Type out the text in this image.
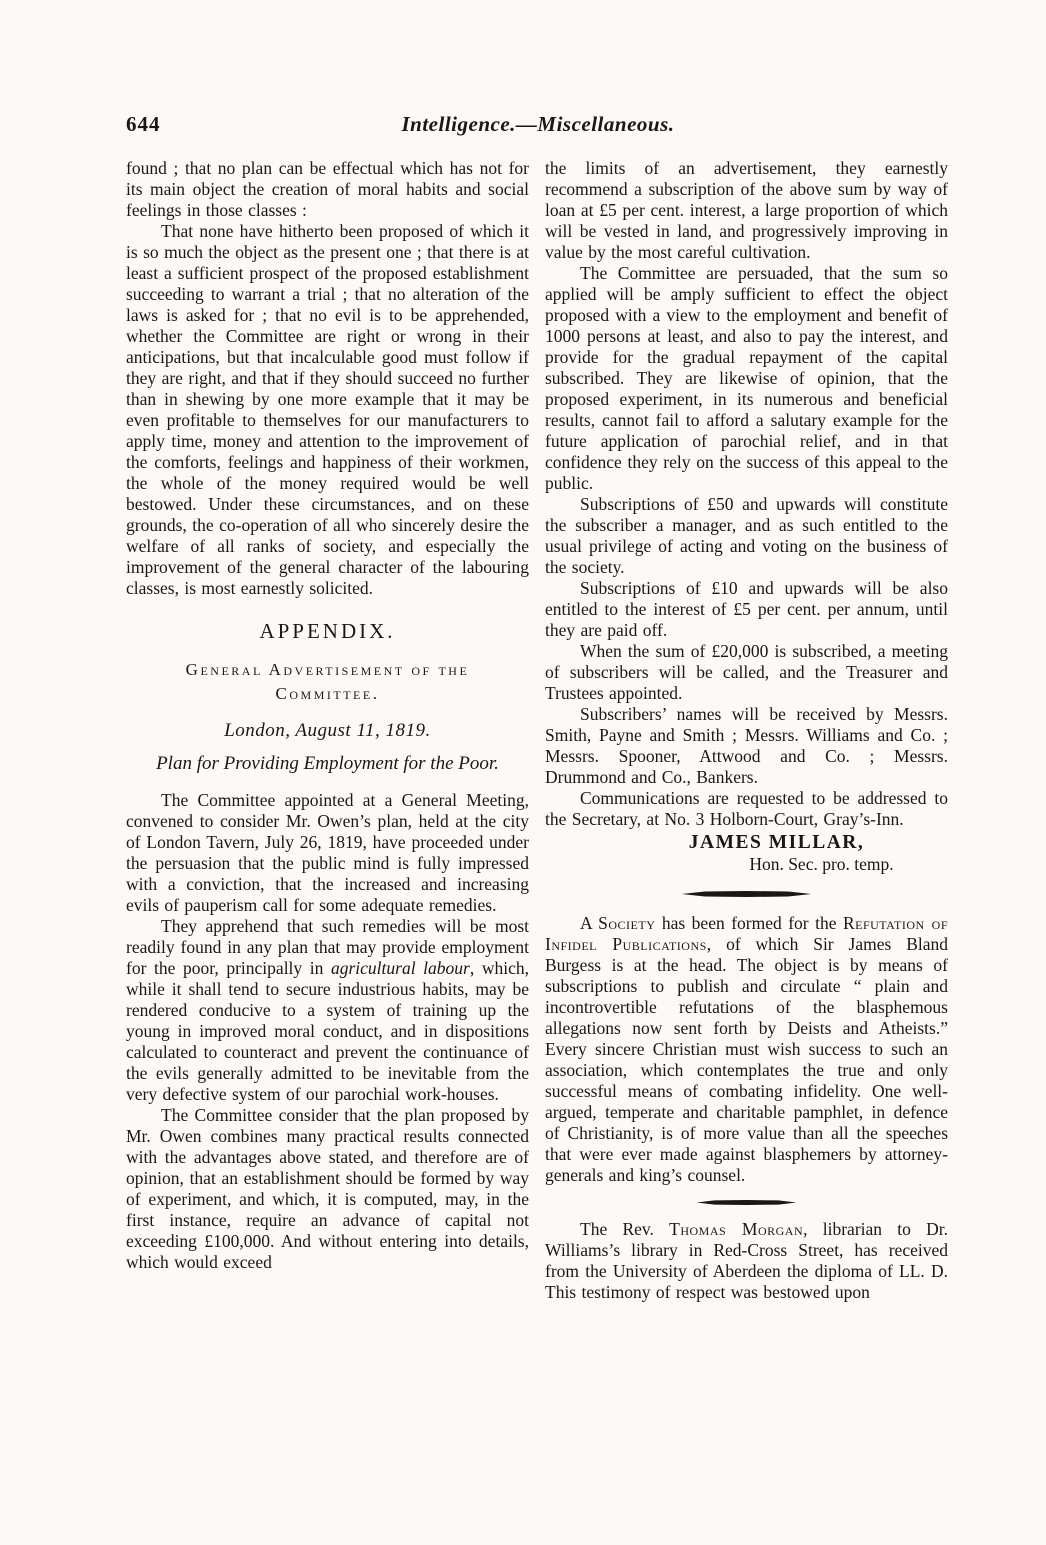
644	Intelligence.—Miscellaneous.

found ; that no plan can be effectual which has not for its main object the creation of moral habits and social feelings in those classes :

That none have hitherto been proposed of which it is so much the object as the present one ; that there is at least a sufficient prospect of the proposed establishment succeeding to warrant a trial ; that no alteration of the laws is asked for ; that no evil is to be apprehended, whether the Committee are right or wrong in their anticipations, but that incalculable good must follow if they are right, and that if they should succeed no further than in shewing by one more example that it may be even profitable to themselves for our manufacturers to apply time, money and attention to the improvement of the comforts, feelings and happiness of their workmen, the whole of the money required would be well bestowed. Under these circumstances, and on these grounds, the co-operation of all who sincerely desire the welfare of all ranks of society, and especially the improvement of the general character of the labouring classes, is most earnestly solicited.

APPENDIX.
General Advertisement of the Committee.
London, August 11, 1819.
Plan for Providing Employment for the Poor.

The Committee appointed at a General Meeting, convened to consider Mr. Owen’s plan, held at the city of London Tavern, July 26, 1819, have proceeded under the persuasion that the public mind is fully impressed with a conviction, that the increased and increasing evils of pauperism call for some adequate remedies.

They apprehend that such remedies will be most readily found in any plan that may provide employment for the poor, principally in agricultural labour, which, while it shall tend to secure industrious habits, may be rendered conducive to a system of training up the young in improved moral conduct, and in dispositions calculated to counteract and prevent the continuance of the evils generally admitted to be inevitable from the very defective system of our parochial work-houses.

The Committee consider that the plan proposed by Mr. Owen combines many practical results connected with the advantages above stated, and therefore are of opinion, that an establishment should be formed by way of experiment, and which, it is computed, may, in the first instance, require an advance of capital not exceeding £100,000. And without entering into details, which would exceed

the limits of an advertisement, they earnestly recommend a subscription of the above sum by way of loan at £5 per cent. interest, a large proportion of which will be vested in land, and progressively improving in value by the most careful cultivation.

The Committee are persuaded, that the sum so applied will be amply sufficient to effect the object proposed with a view to the employment and benefit of 1000 persons at least, and also to pay the interest, and provide for the gradual repayment of the capital subscribed. They are likewise of opinion, that the proposed experiment, in its numerous and beneficial results, cannot fail to afford a salutary example for the future application of parochial relief, and in that confidence they rely on the success of this appeal to the public.

Subscriptions of £50 and upwards will constitute the subscriber a manager, and as such entitled to the usual privilege of acting and voting on the business of the society.

Subscriptions of £10 and upwards will be also entitled to the interest of £5 per cent. per annum, until they are paid off.

When the sum of £20,000 is subscribed, a meeting of subscribers will be called, and the Treasurer and Trustees appointed.

Subscribers’ names will be received by Messrs. Smith, Payne and Smith ; Messrs. Williams and Co. ; Messrs. Spooner, Attwood and Co. ; Messrs. Drummond and Co., Bankers.

Communications are requested to be addressed to the Secretary, at No. 3 Holborn-Court, Gray’s-Inn.

JAMES MILLAR,
Hon. Sec. pro. temp.

A Society has been formed for the Refutation of Infidel Publications, of which Sir James Bland Burgess is at the head. The object is by means of subscriptions to publish and circulate “ plain and incontrovertible refutations of the blasphemous allegations now sent forth by Deists and Atheists.” Every sincere Christian must wish success to such an association, which contemplates the true and only successful means of combating infidelity. One well-argued, temperate and charitable pamphlet, in defence of Christianity, is of more value than all the speeches that were ever made against blasphemers by attorney-generals and king’s counsel.

The Rev. Thomas Morgan, librarian to Dr. Williams’s library in Red-Cross Street, has received from the University of Aberdeen the diploma of LL. D. This testimony of respect was bestowed upon
